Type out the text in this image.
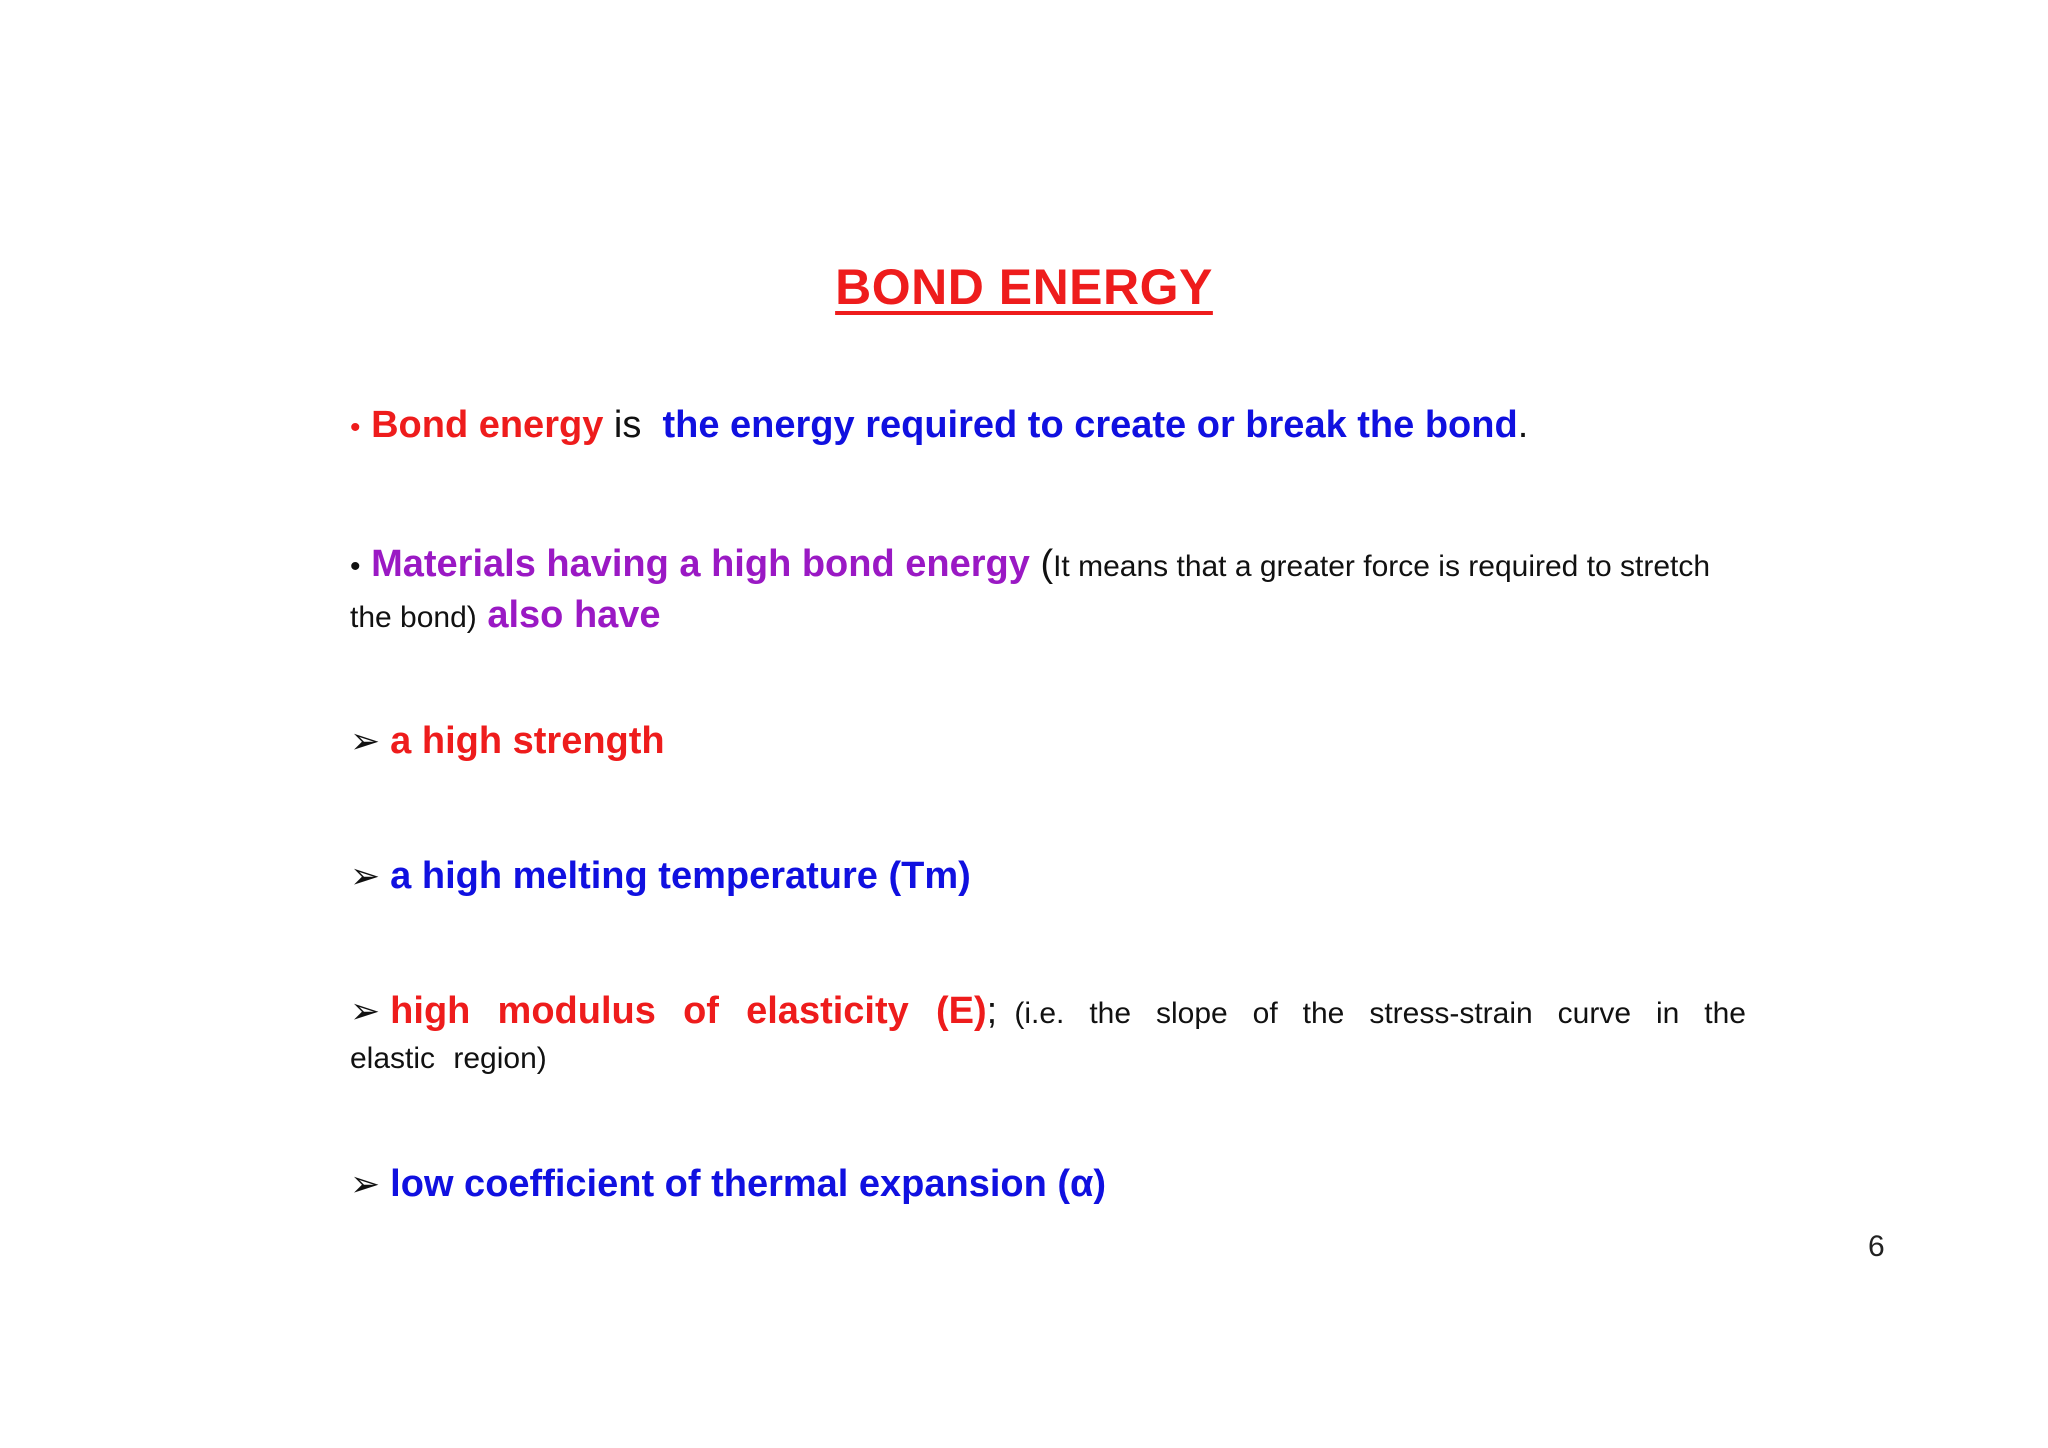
BOND ENERGY
• Bond energy is the energy required to create or break the bond.
• Materials having a high bond energy (It means that a greater force is required to stretch the bond) also have
➢ a high strength
➢ a high melting temperature (Tm)
➢ high modulus of elasticity (E); (i.e. the slope of the stress-strain curve in the elastic region)
➢ low coefficient of thermal expansion (α)
6
